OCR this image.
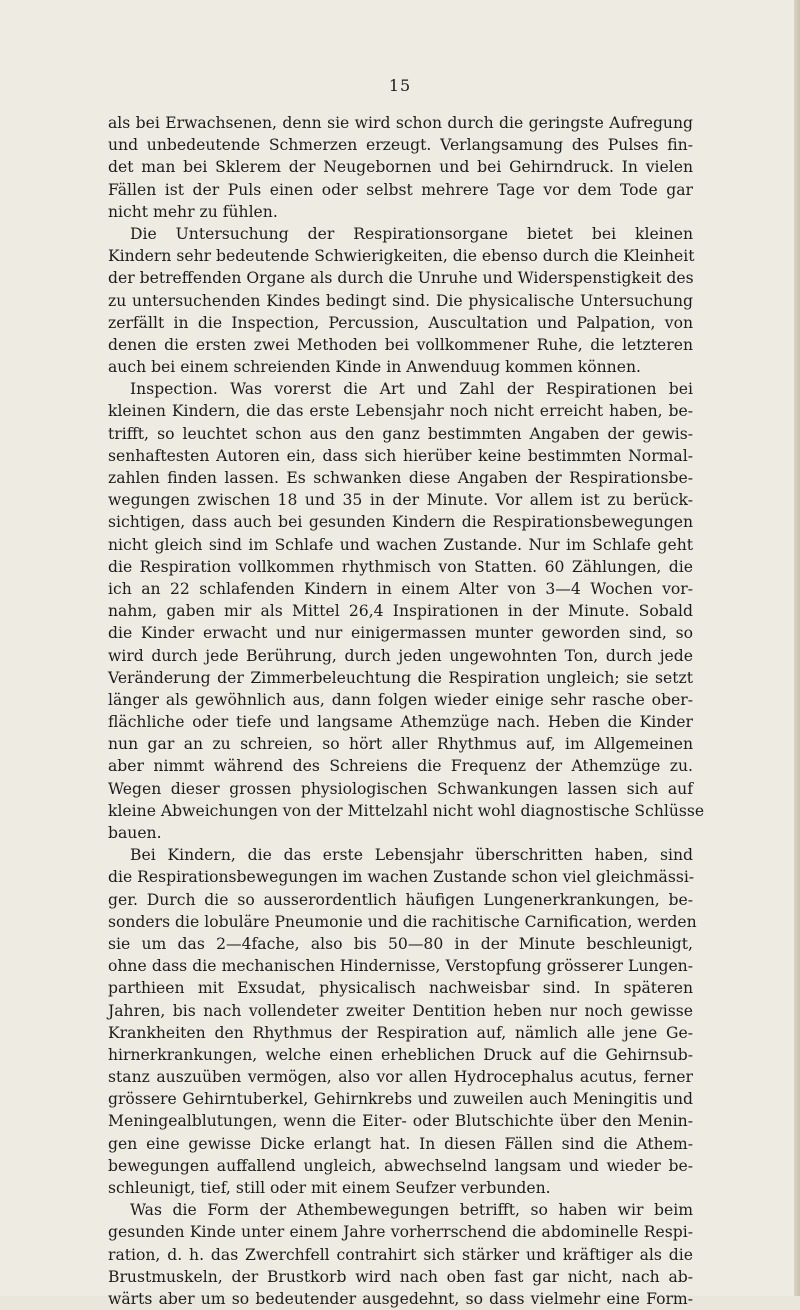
15
als bei Erwachsenen, denn sie wird schon durch die geringste Aufregung
und unbedeutende Schmerzen erzeugt. Verlangsamung des Pulses fin-
det man bei Sklerem der Neugebornen und bei Gehirndruck. In vielen
Fällen ist der Puls einen oder selbst mehrere Tage vor dem Tode gar
nicht mehr zu fühlen.
Die Untersuchung der Respirationsorgane bietet bei kleinen
Kindern sehr bedeutende Schwierigkeiten, die ebenso durch die Kleinheit
der betreffenden Organe als durch die Unruhe und Widerspenstigkeit des
zu untersuchenden Kindes bedingt sind. Die physicalische Untersuchung
zerfällt in die Inspection, Percussion, Auscultation und Palpation, von
denen die ersten zwei Methoden bei vollkommener Ruhe, die letzteren
auch bei einem schreienden Kinde in Anwenduug kommen können.
Inspection. Was vorerst die Art und Zahl der Respirationen bei
kleinen Kindern, die das erste Lebensjahr noch nicht erreicht haben, be-
trifft, so leuchtet schon aus den ganz bestimmten Angaben der gewis-
senhaftesten Autoren ein, dass sich hierüber keine bestimmten Normal-
zahlen finden lassen. Es schwanken diese Angaben der Respirationsbe-
wegungen zwischen 18 und 35 in der Minute. Vor allem ist zu berück-
sichtigen, dass auch bei gesunden Kindern die Respirationsbewegungen
nicht gleich sind im Schlafe und wachen Zustande. Nur im Schlafe geht
die Respiration vollkommen rhythmisch von Statten. 60 Zählungen, die
ich an 22 schlafenden Kindern in einem Alter von 3—4 Wochen vor-
nahm, gaben mir als Mittel 26,4 Inspirationen in der Minute. Sobald
die Kinder erwacht und nur einigermassen munter geworden sind, so
wird durch jede Berührung, durch jeden ungewohnten Ton, durch jede
Veränderung der Zimmerbeleuchtung die Respiration ungleich; sie setzt
länger als gewöhnlich aus, dann folgen wieder einige sehr rasche ober-
flächliche oder tiefe und langsame Athemzüge nach. Heben die Kinder
nun gar an zu schreien, so hört aller Rhythmus auf, im Allgemeinen
aber nimmt während des Schreiens die Frequenz der Athemzüge zu.
Wegen dieser grossen physiologischen Schwankungen lassen sich auf
kleine Abweichungen von der Mittelzahl nicht wohl diagnostische Schlüsse
bauen.
Bei Kindern, die das erste Lebensjahr überschritten haben, sind
die Respirationsbewegungen im wachen Zustande schon viel gleichmässi-
ger. Durch die so ausserordentlich häufigen Lungenerkrankungen, be-
sonders die lobuläre Pneumonie und die rachitische Carnification, werden
sie um das 2—4fache, also bis 50—80 in der Minute beschleunigt,
ohne dass die mechanischen Hindernisse, Verstopfung grösserer Lungen-
parthieen mit Exsudat, physicalisch nachweisbar sind. In späteren
Jahren, bis nach vollendeter zweiter Dentition heben nur noch gewisse
Krankheiten den Rhythmus der Respiration auf, nämlich alle jene Ge-
hirnerkrankungen, welche einen erheblichen Druck auf die Gehirnsub-
stanz auszuüben vermögen, also vor allen Hydrocephalus acutus, ferner
grössere Gehirntuberkel, Gehirnkrebs und zuweilen auch Meningitis und
Meningealblutungen, wenn die Eiter- oder Blutschichte über den Menin-
gen eine gewisse Dicke erlangt hat. In diesen Fällen sind die Athem-
bewegungen auffallend ungleich, abwechselnd langsam und wieder be-
schleunigt, tief, still oder mit einem Seufzer verbunden.
Was die Form der Athembewegungen betrifft, so haben wir beim
gesunden Kinde unter einem Jahre vorherrschend die abdominelle Respi-
ration, d. h. das Zwerchfell contrahirt sich stärker und kräftiger als die
Brustmuskeln, der Brustkorb wird nach oben fast gar nicht, nach ab-
wärts aber um so bedeutender ausgedehnt, so dass vielmehr eine Form-
